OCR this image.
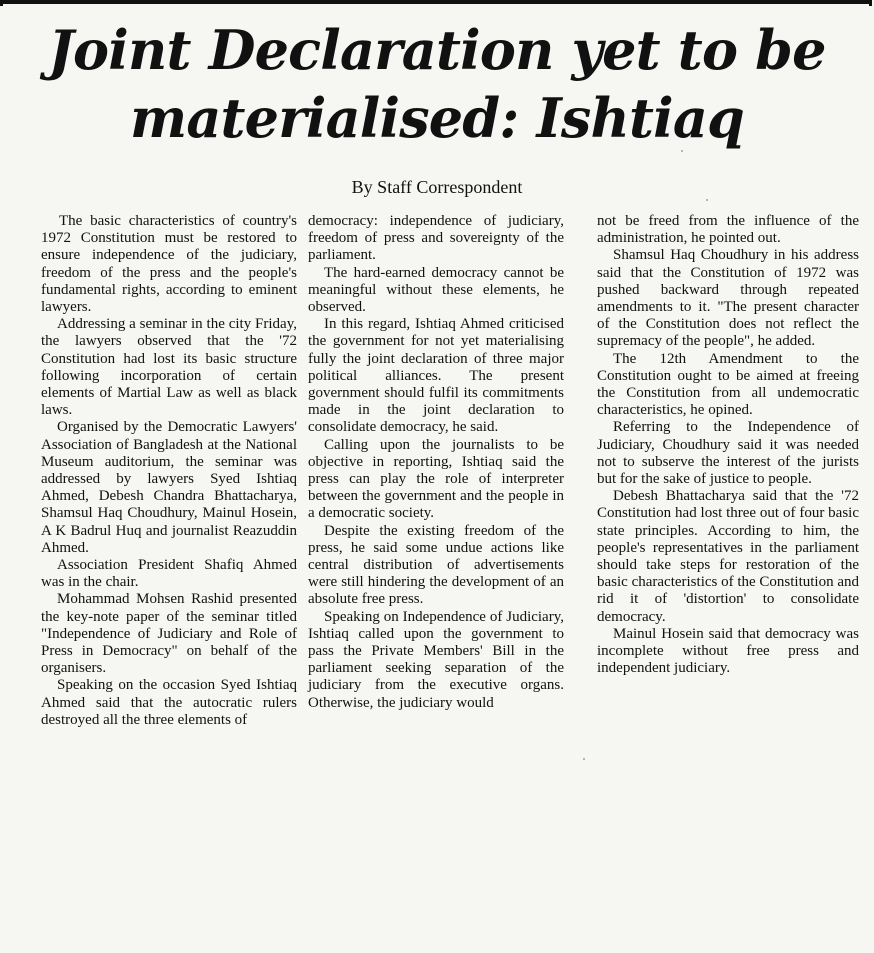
Joint Declaration yet to be
materialised: Ishtiaq
By Staff Correspondent

The basic characteristics of country's 1972 Constitution must be restored to ensure independence of the judiciary, freedom of the press and the people's fundamental rights, according to eminent lawyers.

Addressing a seminar in the city Friday, the lawyers observed that the '72 Constitution had lost its basic structure following incorporation of certain elements of Martial Law as well as black laws.

Organised by the Democratic Lawyers' Association of Bangladesh at the National Museum auditorium, the seminar was addressed by lawyers Syed Ishtiaq Ahmed, Debesh Chandra Bhattacharya, Shamsul Haq Choudhury, Mainul Hosein, A K Badrul Huq and journalist Reazuddin Ahmed.

Association President Shafiq Ahmed was in the chair.

Mohammad Mohsen Rashid presented the key-note paper of the seminar titled "Independence of Judiciary and Role of Press in Democracy" on behalf of the organisers.

Speaking on the occasion Syed Ishtiaq Ahmed said that the autocratic rulers destroyed all the three elements of

democracy: independence of judiciary, freedom of press and sovereignty of the parliament.

The hard-earned democracy cannot be meaningful without these elements, he observed.

In this regard, Ishtiaq Ahmed criticised the government for not yet materialising fully the joint declaration of three major political alliances. The present government should fulfil its commitments made in the joint declaration to consolidate democracy, he said.

Calling upon the journalists to be objective in reporting, Ishtiaq said the press can play the role of interpreter between the government and the people in a democratic society.

Despite the existing freedom of the press, he said some undue actions like central distribution of advertisements were still hindering the development of an absolute free press.

Speaking on Independence of Judiciary, Ishtiaq called upon the government to pass the Private Members' Bill in the parliament seeking separation of the judiciary from the executive organs. Otherwise, the judiciary would

not be freed from the influence of the administration, he pointed out.

Shamsul Haq Choudhury in his address said that the Constitution of 1972 was pushed backward through repeated amendments to it. "The present character of the Constitution does not reflect the supremacy of the people", he added.

The 12th Amendment to the Constitution ought to be aimed at freeing the Constitution from all undemocratic characteristics, he opined.

Referring to the Independence of Judiciary, Choudhury said it was needed not to subserve the interest of the jurists but for the sake of justice to people.

Debesh Bhattacharya said that the '72 Constitution had lost three out of four basic state principles. According to him, the people's representatives in the parliament should take steps for restoration of the basic characteristics of the Constitution and rid it of 'distortion' to consolidate democracy.

Mainul Hosein said that democracy was incomplete without free press and independent judiciary.
